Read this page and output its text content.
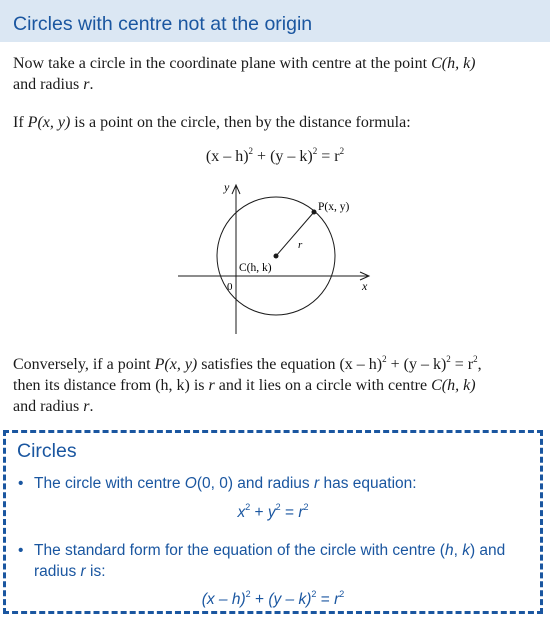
Circles with centre not at the origin

Now take a circle in the coordinate plane with centre at the point C(h, k)
and radius r.

If P(x, y) is a point on the circle, then by the distance formula:

$(x - h)^2 + (y - k)^2 = r^2$
y
x
0
P(x, y)
C(h, k)
r

Conversely, if a point P(x, y) satisfies the equation $(x - h)^2 + (y - k)^2 = r^2$,
then its distance from (h, k) is r and it lies on a circle with centre C(h, k)
and radius r.

Circles
• The circle with centre O(0, 0) and radius r has equation:
$x^2 + y^2 = r^2$
• The standard form for the equation of the circle with centre (h, k) and
radius r is:
$(x - h)^2 + (y - k)^2 = r^2$
